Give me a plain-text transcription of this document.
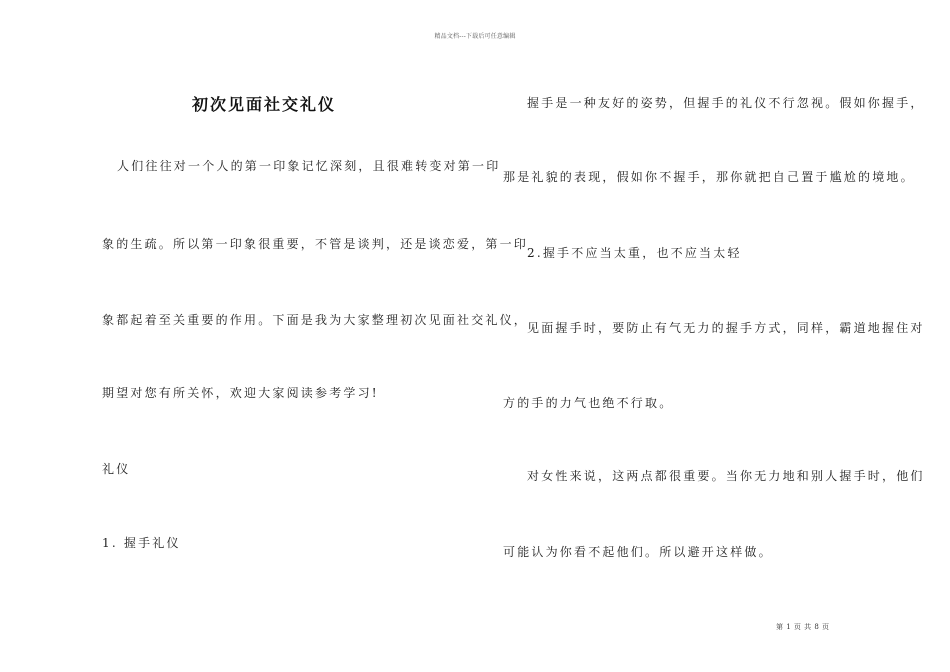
精品文档---下载后可任意编辑
初次见面社交礼仪
人们往往对一个人的第一印象记忆深刻，且很难转变对第一印
象的生疏。所以第一印象很重要，不管是谈判，还是谈恋爱，第一印
象都起着至关重要的作用。下面是我为大家整理初次见面社交礼仪，
期望对您有所关怀，欢迎大家阅读参考学习!
礼仪
1. 握手礼仪
握手是一种友好的姿势，但握手的礼仪不行忽视。假如你握手，
那是礼貌的表现，假如你不握手，那你就把自己置于尴尬的境地。
2.握手不应当太重，也不应当太轻
见面握手时，要防止有气无力的握手方式，同样，霸道地握住对
方的手的力气也绝不行取。
对女性来说，这两点都很重要。当你无力地和别人握手时，他们
可能认为你看不起他们。所以避开这样做。
第 1 页 共 8 页
